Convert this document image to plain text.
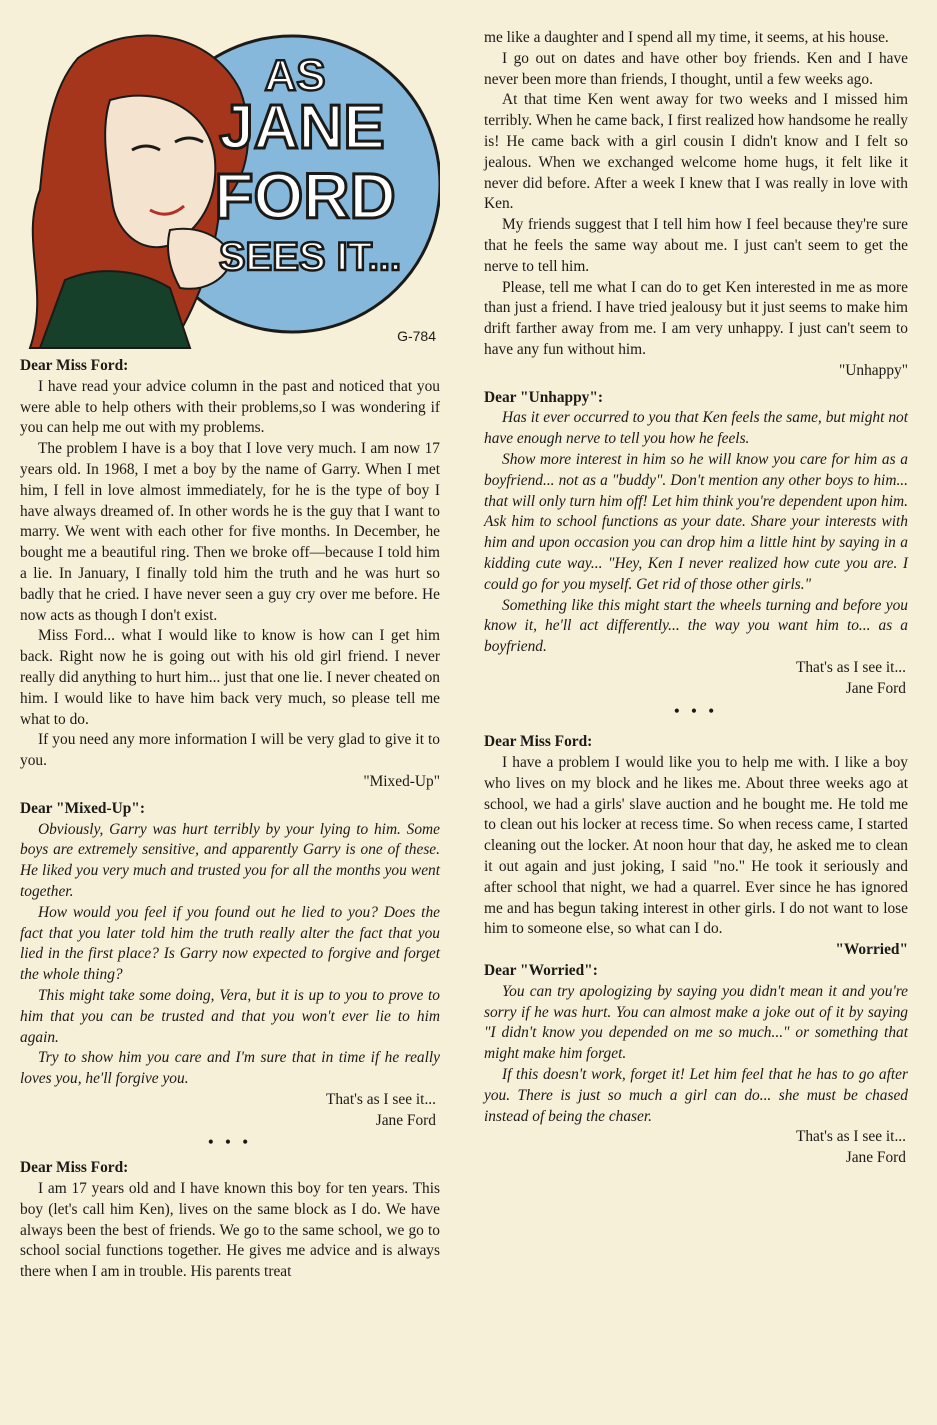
AS
JANE
FORD
SEES IT...
G-784

Dear Miss Ford:

I have read your advice column in the past and noticed that you were able to help others with their problems,so I was wondering if you can help me out with my problems.

The problem I have is a boy that I love very much. I am now 17 years old. In 1968, I met a boy by the name of Garry. When I met him, I fell in love almost immediately, for he is the type of boy I have always dreamed of. In other words he is the guy that I want to marry. We went with each other for five months. In December, he bought me a beautiful ring. Then we broke off—because I told him a lie. In January, I finally told him the truth and he was hurt so badly that he cried. I have never seen a guy cry over me before. He now acts as though I don't exist.

Miss Ford... what I would like to know is how can I get him back. Right now he is going out with his old girl friend. I never really did anything to hurt him... just that one lie. I never cheated on him. I would like to have him back very much, so please tell me what to do.

If you need any more information I will be very glad to give it to you.

"Mixed-Up"

Dear "Mixed-Up":

Obviously, Garry was hurt terribly by your lying to him. Some boys are extremely sensitive, and apparently Garry is one of these. He liked you very much and trusted you for all the months you went together.

How would you feel if you found out he lied to you? Does the fact that you later told him the truth really alter the fact that you lied in the first place? Is Garry now expected to forgive and forget the whole thing?

This might take some doing, Vera, but it is up to you to prove to him that you can be trusted and that you won't ever lie to him again.

Try to show him you care and I'm sure that in time if he really loves you, he'll forgive you.

That's as I see it...

Jane Ford

• • •

Dear Miss Ford:

I am 17 years old and I have known this boy for ten years. This boy (let's call him Ken), lives on the same block as I do. We have always been the best of friends. We go to the same school, we go to school social functions together. He gives me advice and is always there when I am in trouble. His parents treat

me like a daughter and I spend all my time, it seems, at his house.

I go out on dates and have other boy friends. Ken and I have never been more than friends, I thought, until a few weeks ago.

At that time Ken went away for two weeks and I missed him terribly. When he came back, I first realized how handsome he really is! He came back with a girl cousin I didn't know and I felt so jealous. When we exchanged welcome home hugs, it felt like it never did before. After a week I knew that I was really in love with Ken.

My friends suggest that I tell him how I feel because they're sure that he feels the same way about me. I just can't seem to get the nerve to tell him.

Please, tell me what I can do to get Ken interested in me as more than just a friend. I have tried jealousy but it just seems to make him drift farther away from me. I am very unhappy. I just can't seem to have any fun without him.

"Unhappy"

Dear "Unhappy":

Has it ever occurred to you that Ken feels the same, but might not have enough nerve to tell you how he feels.

Show more interest in him so he will know you care for him as a boyfriend... not as a "buddy". Don't mention any other boys to him... that will only turn him off! Let him think you're dependent upon him. Ask him to school functions as your date. Share your interests with him and upon occasion you can drop him a little hint by saying in a kidding cute way... "Hey, Ken I never realized how cute you are. I could go for you myself. Get rid of those other girls."

Something like this might start the wheels turning and before you know it, he'll act differently... the way you want him to... as a boyfriend.

That's as I see it...

Jane Ford

• • •

Dear Miss Ford:

I have a problem I would like you to help me with. I like a boy who lives on my block and he likes me. About three weeks ago at school, we had a girls' slave auction and he bought me. He told me to clean out his locker at recess time. So when recess came, I started cleaning out the locker. At noon hour that day, he asked me to clean it out again and just joking, I said "no." He took it seriously and after school that night, we had a quarrel. Ever since he has ignored me and has begun taking interest in other girls. I do not want to lose him to someone else, so what can I do.

"Worried"

Dear "Worried":

You can try apologizing by saying you didn't mean it and you're sorry if he was hurt. You can almost make a joke out of it by saying "I didn't know you depended on me so much..." or something that might make him forget.

If this doesn't work, forget it! Let him feel that he has to go after you. There is just so much a girl can do... she must be chased instead of being the chaser.

That's as I see it...

Jane Ford
